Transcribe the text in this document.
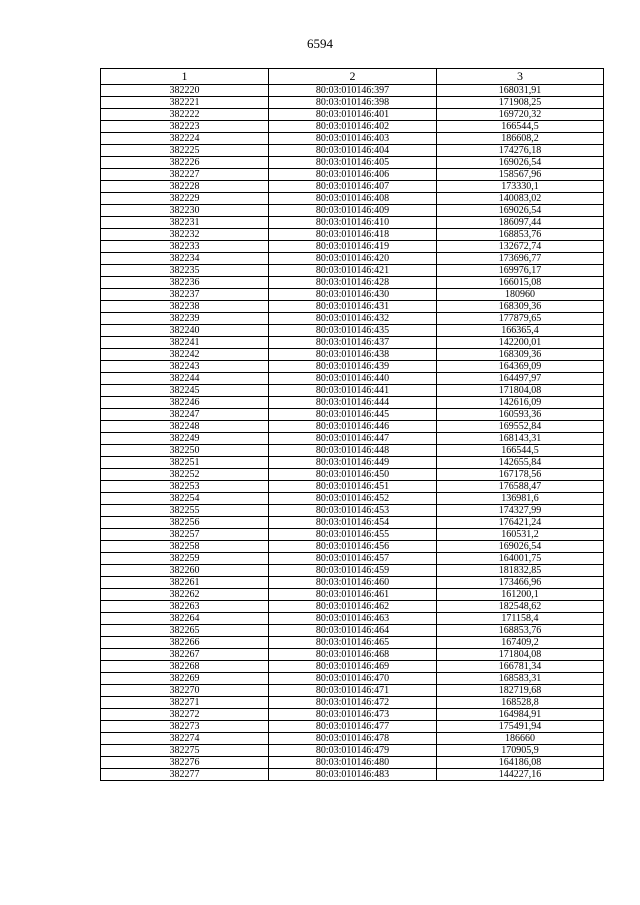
6594
1	2	3
382220	80:03:010146:397	168031,91
382221	80:03:010146:398	171908,25
382222	80:03:010146:401	169720,32
382223	80:03:010146:402	166544,5
382224	80:03:010146:403	186608,2
382225	80:03:010146:404	174276,18
382226	80:03:010146:405	169026,54
382227	80:03:010146:406	158567,96
382228	80:03:010146:407	173330,1
382229	80:03:010146:408	140083,02
382230	80:03:010146:409	169026,54
382231	80:03:010146:410	186097,44
382232	80:03:010146:418	168853,76
382233	80:03:010146:419	132672,74
382234	80:03:010146:420	173696,77
382235	80:03:010146:421	169976,17
382236	80:03:010146:428	166015,08
382237	80:03:010146:430	180960
382238	80:03:010146:431	168309,36
382239	80:03:010146:432	177879,65
382240	80:03:010146:435	166365,4
382241	80:03:010146:437	142200,01
382242	80:03:010146:438	168309,36
382243	80:03:010146:439	164369,09
382244	80:03:010146:440	164497,97
382245	80:03:010146:441	171804,08
382246	80:03:010146:444	142616,09
382247	80:03:010146:445	160593,36
382248	80:03:010146:446	169552,84
382249	80:03:010146:447	168143,31
382250	80:03:010146:448	166544,5
382251	80:03:010146:449	142655,84
382252	80:03:010146:450	167178,56
382253	80:03:010146:451	176588,47
382254	80:03:010146:452	136981,6
382255	80:03:010146:453	174327,99
382256	80:03:010146:454	176421,24
382257	80:03:010146:455	160531,2
382258	80:03:010146:456	169026,54
382259	80:03:010146:457	164001,75
382260	80:03:010146:459	181832,85
382261	80:03:010146:460	173466,96
382262	80:03:010146:461	161200,1
382263	80:03:010146:462	182548,62
382264	80:03:010146:463	171158,4
382265	80:03:010146:464	168853,76
382266	80:03:010146:465	167409,2
382267	80:03:010146:468	171804,08
382268	80:03:010146:469	166781,34
382269	80:03:010146:470	168583,31
382270	80:03:010146:471	182719,68
382271	80:03:010146:472	168528,8
382272	80:03:010146:473	164984,91
382273	80:03:010146:477	175491,94
382274	80:03:010146:478	186660
382275	80:03:010146:479	170905,9
382276	80:03:010146:480	164186,08
382277	80:03:010146:483	144227,16
